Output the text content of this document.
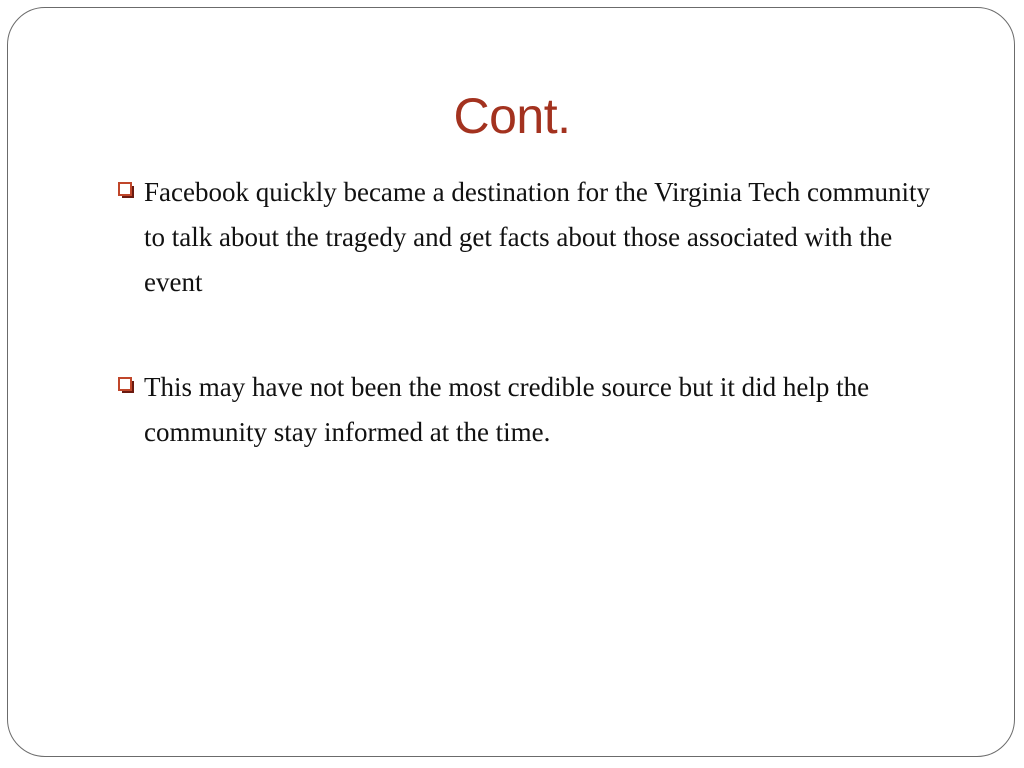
Cont.
Facebook quickly became a destination for the Virginia Tech community to talk about the tragedy and get facts about those associated with the event
This may have not been the most credible source but it did help the community stay informed at the time.
